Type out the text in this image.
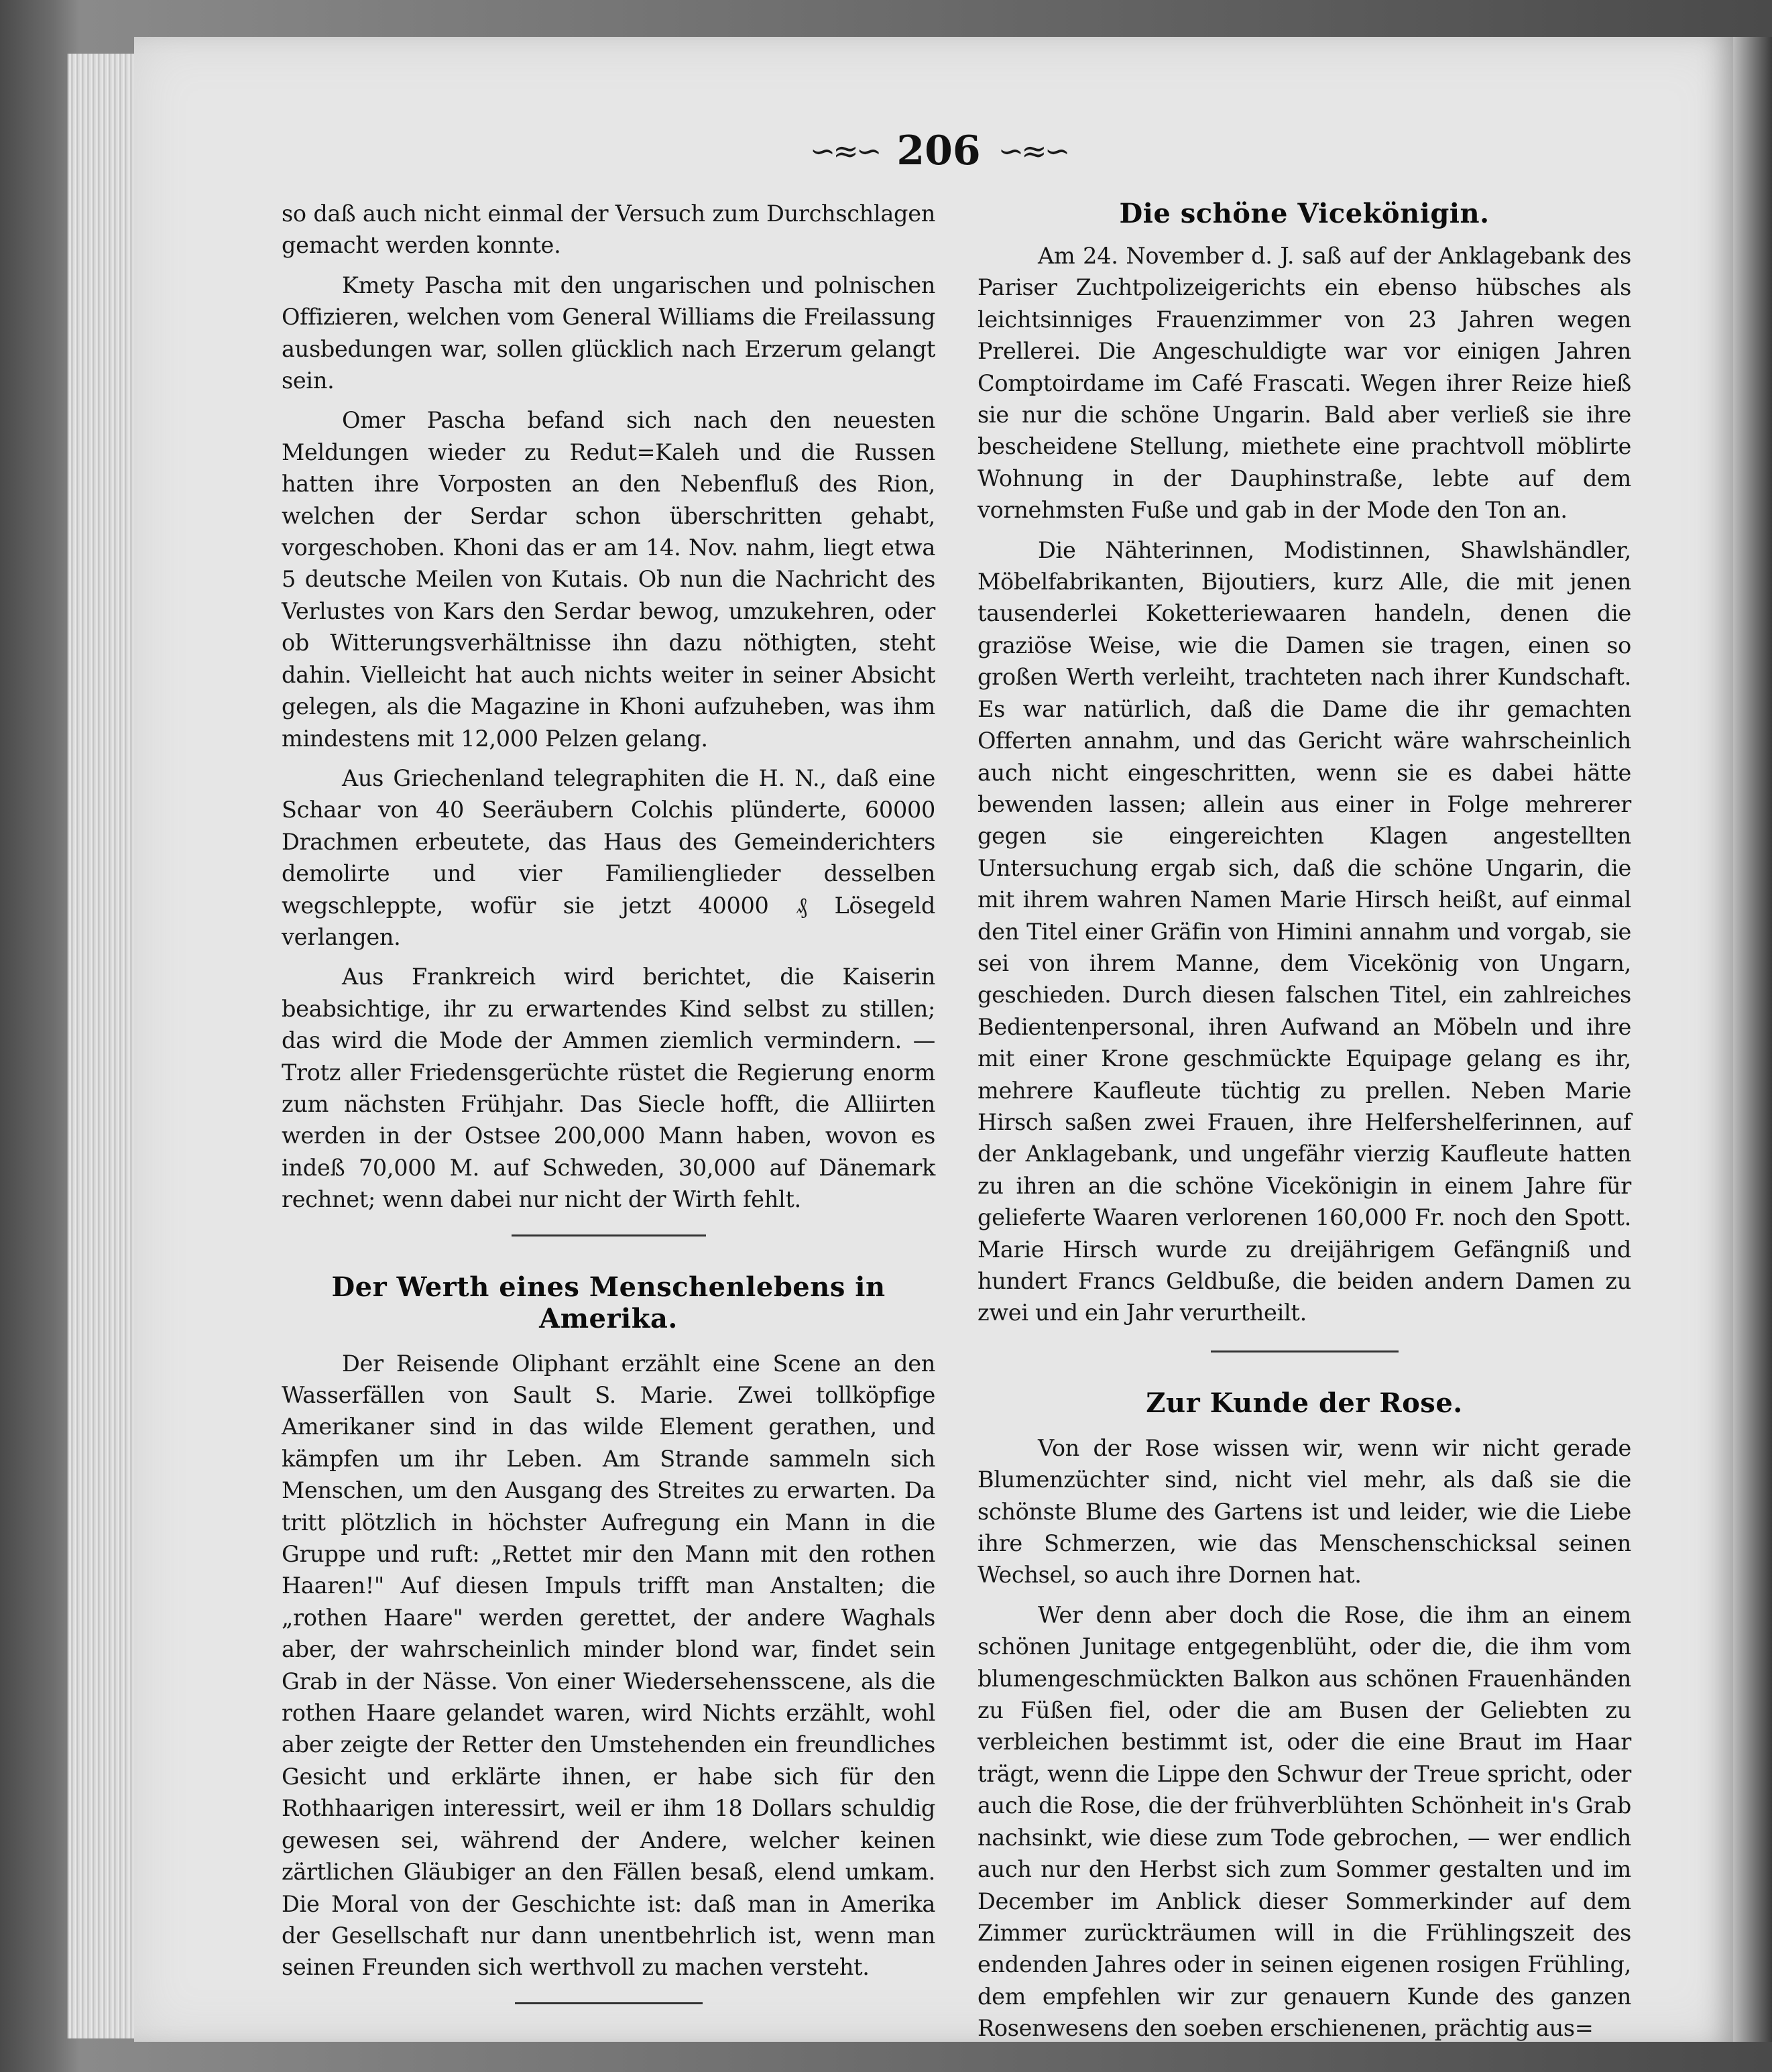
∽≈∽ 206 ∽≈∽

so daß auch nicht einmal der Versuch zum Durchschlagen gemacht werden konnte.

Kmety Pascha mit den ungarischen und polnischen Offizieren, welchen vom General Williams die Freilassung ausbedungen war, sollen glücklich nach Erzerum gelangt sein.

Omer Pascha befand sich nach den neuesten Meldungen wieder zu Redut=Kaleh und die Russen hatten ihre Vorposten an den Nebenfluß des Rion, welchen der Serdar schon überschritten gehabt, vorgeschoben. Khoni das er am 14. Nov. nahm, liegt etwa 5 deutsche Meilen von Kutais. Ob nun die Nachricht des Verlustes von Kars den Serdar bewog, umzukehren, oder ob Witterungsverhältnisse ihn dazu nöthigten, steht dahin. Vielleicht hat auch nichts weiter in seiner Absicht gelegen, als die Magazine in Khoni aufzuheben, was ihm mindestens mit 12,000 Pelzen gelang.

Aus Griechenland telegraphiten die H. N., daß eine Schaar von 40 Seeräubern Colchis plünderte, 60000 Drachmen erbeutete, das Haus des Gemeinderichters demolirte und vier Familienglieder desselben wegschleppte, wofür sie jetzt 40000 ₰ Lösegeld verlangen.

Aus Frankreich wird berichtet, die Kaiserin beabsichtige, ihr zu erwartendes Kind selbst zu stillen; das wird die Mode der Ammen ziemlich vermindern. — Trotz aller Friedensgerüchte rüstet die Regierung enorm zum nächsten Frühjahr. Das Siecle hofft, die Alliirten werden in der Ostsee 200,000 Mann haben, wovon es indeß 70,000 M. auf Schweden, 30,000 auf Dänemark rechnet; wenn dabei nur nicht der Wirth fehlt.

Der Werth eines Menschenlebens in Amerika.

Der Reisende Oliphant erzählt eine Scene an den Wasserfällen von Sault S. Marie. Zwei tollköpfige Amerikaner sind in das wilde Element gerathen, und kämpfen um ihr Leben. Am Strande sammeln sich Menschen, um den Ausgang des Streites zu erwarten. Da tritt plötzlich in höchster Aufregung ein Mann in die Gruppe und ruft: „Rettet mir den Mann mit den rothen Haaren!" Auf diesen Impuls trifft man Anstalten; die „rothen Haare" werden gerettet, der andere Waghals aber, der wahrscheinlich minder blond war, findet sein Grab in der Nässe. Von einer Wiedersehensscene, als die rothen Haare gelandet waren, wird Nichts erzählt, wohl aber zeigte der Retter den Umstehenden ein freundliches Gesicht und erklärte ihnen, er habe sich für den Rothhaarigen interessirt, weil er ihm 18 Dollars schuldig gewesen sei, während der Andere, welcher keinen zärtlichen Gläubiger an den Fällen besaß, elend umkam. Die Moral von der Geschichte ist: daß man in Amerika der Gesellschaft nur dann unentbehrlich ist, wenn man seinen Freunden sich werthvoll zu machen versteht.

Die schöne Vicekönigin.

Am 24. November d. J. saß auf der Anklagebank des Pariser Zuchtpolizeigerichts ein ebenso hübsches als leichtsinniges Frauenzimmer von 23 Jahren wegen Prellerei. Die Angeschuldigte war vor einigen Jahren Comptoirdame im Café Frascati. Wegen ihrer Reize hieß sie nur die schöne Ungarin. Bald aber verließ sie ihre bescheidene Stellung, miethete eine prachtvoll möblirte Wohnung in der Dauphinstraße, lebte auf dem vornehmsten Fuße und gab in der Mode den Ton an.

Die Nähterinnen, Modistinnen, Shawlshändler, Möbelfabrikanten, Bijoutiers, kurz Alle, die mit jenen tausenderlei Koketteriewaaren handeln, denen die graziöse Weise, wie die Damen sie tragen, einen so großen Werth verleiht, trachteten nach ihrer Kundschaft. Es war natürlich, daß die Dame die ihr gemachten Offerten annahm, und das Gericht wäre wahrscheinlich auch nicht eingeschritten, wenn sie es dabei hätte bewenden lassen; allein aus einer in Folge mehrerer gegen sie eingereichten Klagen angestellten Untersuchung ergab sich, daß die schöne Ungarin, die mit ihrem wahren Namen Marie Hirsch heißt, auf einmal den Titel einer Gräfin von Himini annahm und vorgab, sie sei von ihrem Manne, dem Vicekönig von Ungarn, geschieden. Durch diesen falschen Titel, ein zahlreiches Bedientenpersonal, ihren Aufwand an Möbeln und ihre mit einer Krone geschmückte Equipage gelang es ihr, mehrere Kaufleute tüchtig zu prellen. Neben Marie Hirsch saßen zwei Frauen, ihre Helfershelferinnen, auf der Anklagebank, und ungefähr vierzig Kaufleute hatten zu ihren an die schöne Vicekönigin in einem Jahre für gelieferte Waaren verlorenen 160,000 Fr. noch den Spott. Marie Hirsch wurde zu dreijährigem Gefängniß und hundert Francs Geldbuße, die beiden andern Damen zu zwei und ein Jahr verurtheilt.

Zur Kunde der Rose.

Von der Rose wissen wir, wenn wir nicht gerade Blumenzüchter sind, nicht viel mehr, als daß sie die schönste Blume des Gartens ist und leider, wie die Liebe ihre Schmerzen, wie das Menschenschicksal seinen Wechsel, so auch ihre Dornen hat.

Wer denn aber doch die Rose, die ihm an einem schönen Junitage entgegenblüht, oder die, die ihm vom blumengeschmückten Balkon aus schönen Frauenhänden zu Füßen fiel, oder die am Busen der Geliebten zu verbleichen bestimmt ist, oder die eine Braut im Haar trägt, wenn die Lippe den Schwur der Treue spricht, oder auch die Rose, die der frühverblühten Schönheit in's Grab nachsinkt, wie diese zum Tode gebrochen, — wer endlich auch nur den Herbst sich zum Sommer gestalten und im December im Anblick dieser Sommerkinder auf dem Zimmer zurückträumen will in die Frühlingszeit des endenden Jahres oder in seinen eigenen rosigen Frühling, dem empfehlen wir zur genauern Kunde des ganzen Rosenwesens den soeben erschienenen, prächtig aus=
